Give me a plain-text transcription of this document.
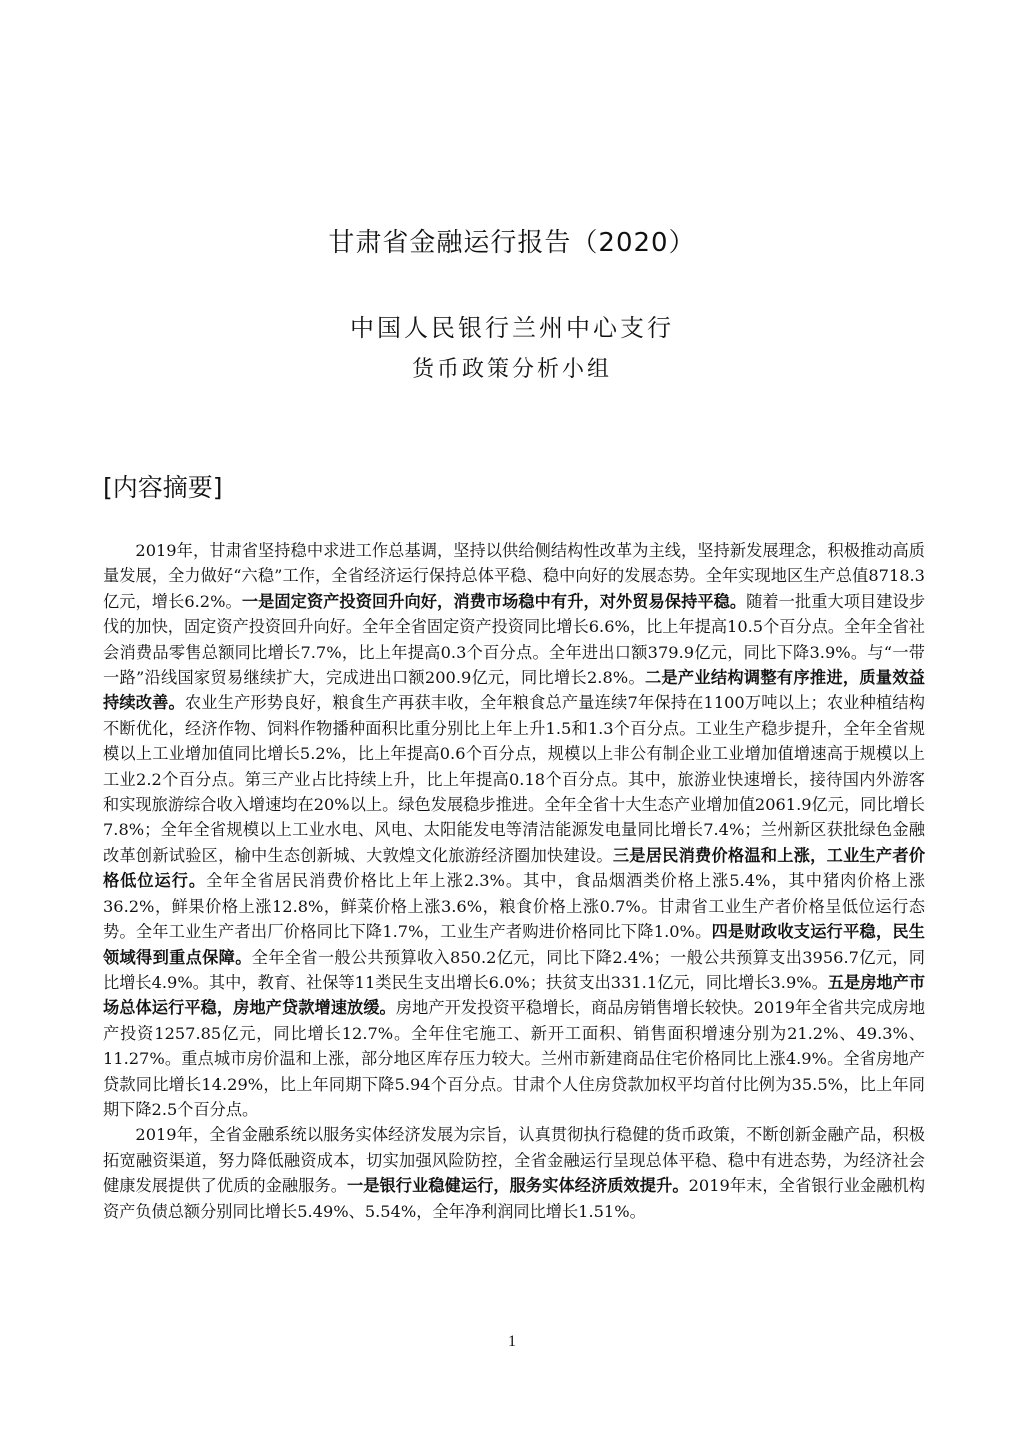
甘肃省金融运行报告（2020）
中国人民银行兰州中心支行
货币政策分析小组
[内容摘要]

2019年，甘肃省坚持稳中求进工作总基调，坚持以供给侧结构性改革为主线，坚持新发展理念，积极推动高质量发展，全力做好“六稳”工作，全省经济运行保持总体平稳、稳中向好的发展态势。全年实现地区生产总值8718.3亿元，增长6.2%。一是固定资产投资回升向好，消费市场稳中有升，对外贸易保持平稳。随着一批重大项目建设步伐的加快，固定资产投资回升向好。全年全省固定资产投资同比增长6.6%，比上年提高10.5个百分点。全年全省社会消费品零售总额同比增长7.7%，比上年提高0.3个百分点。全年进出口额379.9亿元，同比下降3.9%。与“一带一路”沿线国家贸易继续扩大，完成进出口额200.9亿元，同比增长2.8%。二是产业结构调整有序推进，质量效益持续改善。农业生产形势良好，粮食生产再获丰收，全年粮食总产量连续7年保持在1100万吨以上；农业种植结构不断优化，经济作物、饲料作物播种面积比重分别比上年上升1.5和1.3个百分点。工业生产稳步提升，全年全省规模以上工业增加值同比增长5.2%，比上年提高0.6个百分点，规模以上非公有制企业工业增加值增速高于规模以上工业2.2个百分点。第三产业占比持续上升，比上年提高0.18个百分点。其中，旅游业快速增长，接待国内外游客和实现旅游综合收入增速均在20%以上。绿色发展稳步推进。全年全省十大生态产业增加值2061.9亿元，同比增长7.8%；全年全省规模以上工业水电、风电、太阳能发电等清洁能源发电量同比增长7.4%；兰州新区获批绿色金融改革创新试验区，榆中生态创新城、大敦煌文化旅游经济圈加快建设。三是居民消费价格温和上涨，工业生产者价格低位运行。全年全省居民消费价格比上年上涨2.3%。其中，食品烟酒类价格上涨5.4%，其中猪肉价格上涨36.2%，鲜果价格上涨12.8%，鲜菜价格上涨3.6%，粮食价格上涨0.7%。甘肃省工业生产者价格呈低位运行态势。全年工业生产者出厂价格同比下降1.7%，工业生产者购进价格同比下降1.0%。四是财政收支运行平稳，民生领域得到重点保障。全年全省一般公共预算收入850.2亿元，同比下降2.4%；一般公共预算支出3956.7亿元，同比增长4.9%。其中，教育、社保等11类民生支出增长6.0%；扶贫支出331.1亿元，同比增长3.9%。五是房地产市场总体运行平稳，房地产贷款增速放缓。房地产开发投资平稳增长，商品房销售增长较快。2019年全省共完成房地产投资1257.85亿元，同比增长12.7%。全年住宅施工、新开工面积、销售面积增速分别为21.2%、49.3%、11.27%。重点城市房价温和上涨，部分地区库存压力较大。兰州市新建商品住宅价格同比上涨4.9%。全省房地产贷款同比增长14.29%，比上年同期下降5.94个百分点。甘肃个人住房贷款加权平均首付比例为35.5%，比上年同期下降2.5个百分点。

2019年，全省金融系统以服务实体经济发展为宗旨，认真贯彻执行稳健的货币政策，不断创新金融产品，积极拓宽融资渠道，努力降低融资成本，切实加强风险防控，全省金融运行呈现总体平稳、稳中有进态势，为经济社会健康发展提供了优质的金融服务。一是银行业稳健运行，服务实体经济质效提升。2019年末，全省银行业金融机构资产负债总额分别同比增长5.49%、5.54%，全年净利润同比增长1.51%。

1
